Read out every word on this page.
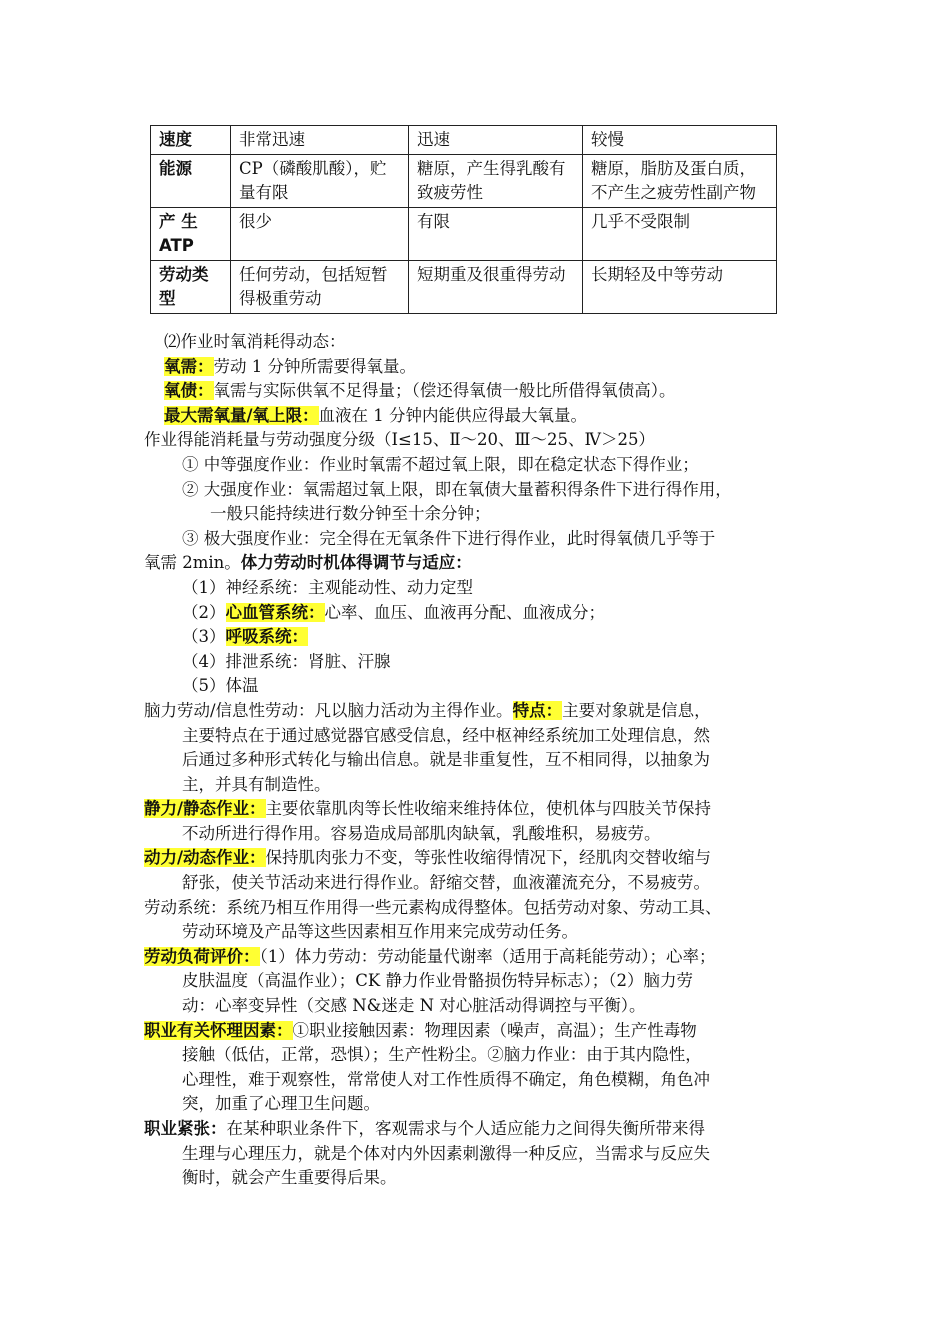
速度	非常迅速	迅速	较慢
能源	CP（磷酸肌酸），贮量有限	糖原，产生得乳酸有致疲劳性	糖原，脂肪及蛋白质，不产生之疲劳性副产物
产 生 ATP	很少	有限	几乎不受限制
劳动类型	任何劳动，包括短暂得极重劳动	短期重及很重得劳动	长期轻及中等劳动
⑵作业时氧消耗得动态：
氧需：劳动 1 分钟所需要得氧量。
氧债：氧需与实际供氧不足得量；（偿还得氧债一般比所借得氧债高）。
最大需氧量/氧上限：血液在 1 分钟内能供应得最大氧量。
作业得能消耗量与劳动强度分级（Ⅰ≤15、Ⅱ～20、Ⅲ～25、Ⅳ＞25）
① 中等强度作业：作业时氧需不超过氧上限，即在稳定状态下得作业；
② 大强度作业：氧需超过氧上限，即在氧债大量蓄积得条件下进行得作用，
一般只能持续进行数分钟至十余分钟；
③ 极大强度作业：完全得在无氧条件下进行得作业，此时得氧债几乎等于
氧需 2min。体力劳动时机体得调节与适应：
（1）神经系统：主观能动性、动力定型
（2）心血管系统：心率、血压、血液再分配、血液成分；
（3）呼吸系统：
（4）排泄系统：肾脏、汗腺
（5）体温
脑力劳动/信息性劳动：凡以脑力活动为主得作业。特点：主要对象就是信息，
主要特点在于通过感觉器官感受信息，经中枢神经系统加工处理信息，然
后通过多种形式转化与输出信息。就是非重复性，互不相同得，以抽象为
主，并具有制造性。
静力/静态作业：主要依靠肌肉等长性收缩来维持体位，使机体与四肢关节保持
不动所进行得作用。容易造成局部肌肉缺氧，乳酸堆积，易疲劳。
动力/动态作业：保持肌肉张力不变，等张性收缩得情况下，经肌肉交替收缩与
舒张，使关节活动来进行得作业。舒缩交替，血液灌流充分，不易疲劳。
劳动系统：系统乃相互作用得一些元素构成得整体。包括劳动对象、劳动工具、
劳动环境及产品等这些因素相互作用来完成劳动任务。
劳动负荷评价：（1）体力劳动：劳动能量代谢率（适用于高耗能劳动）；心率；
皮肤温度（高温作业）；CK 静力作业骨骼损伤特异标志）；（2）脑力劳
动：心率变异性（交感 N&迷走 N 对心脏活动得调控与平衡）。
职业有关怀理因素：①职业接触因素：物理因素（噪声，高温）；生产性毒物
接触（低估，正常，恐惧）；生产性粉尘。②脑力作业：由于其内隐性，
心理性，难于观察性，常常使人对工作性质得不确定，角色模糊，角色冲
突，加重了心理卫生问题。
职业紧张：在某种职业条件下，客观需求与个人适应能力之间得失衡所带来得
生理与心理压力，就是个体对内外因素刺激得一种反应，当需求与反应失
衡时，就会产生重要得后果。
